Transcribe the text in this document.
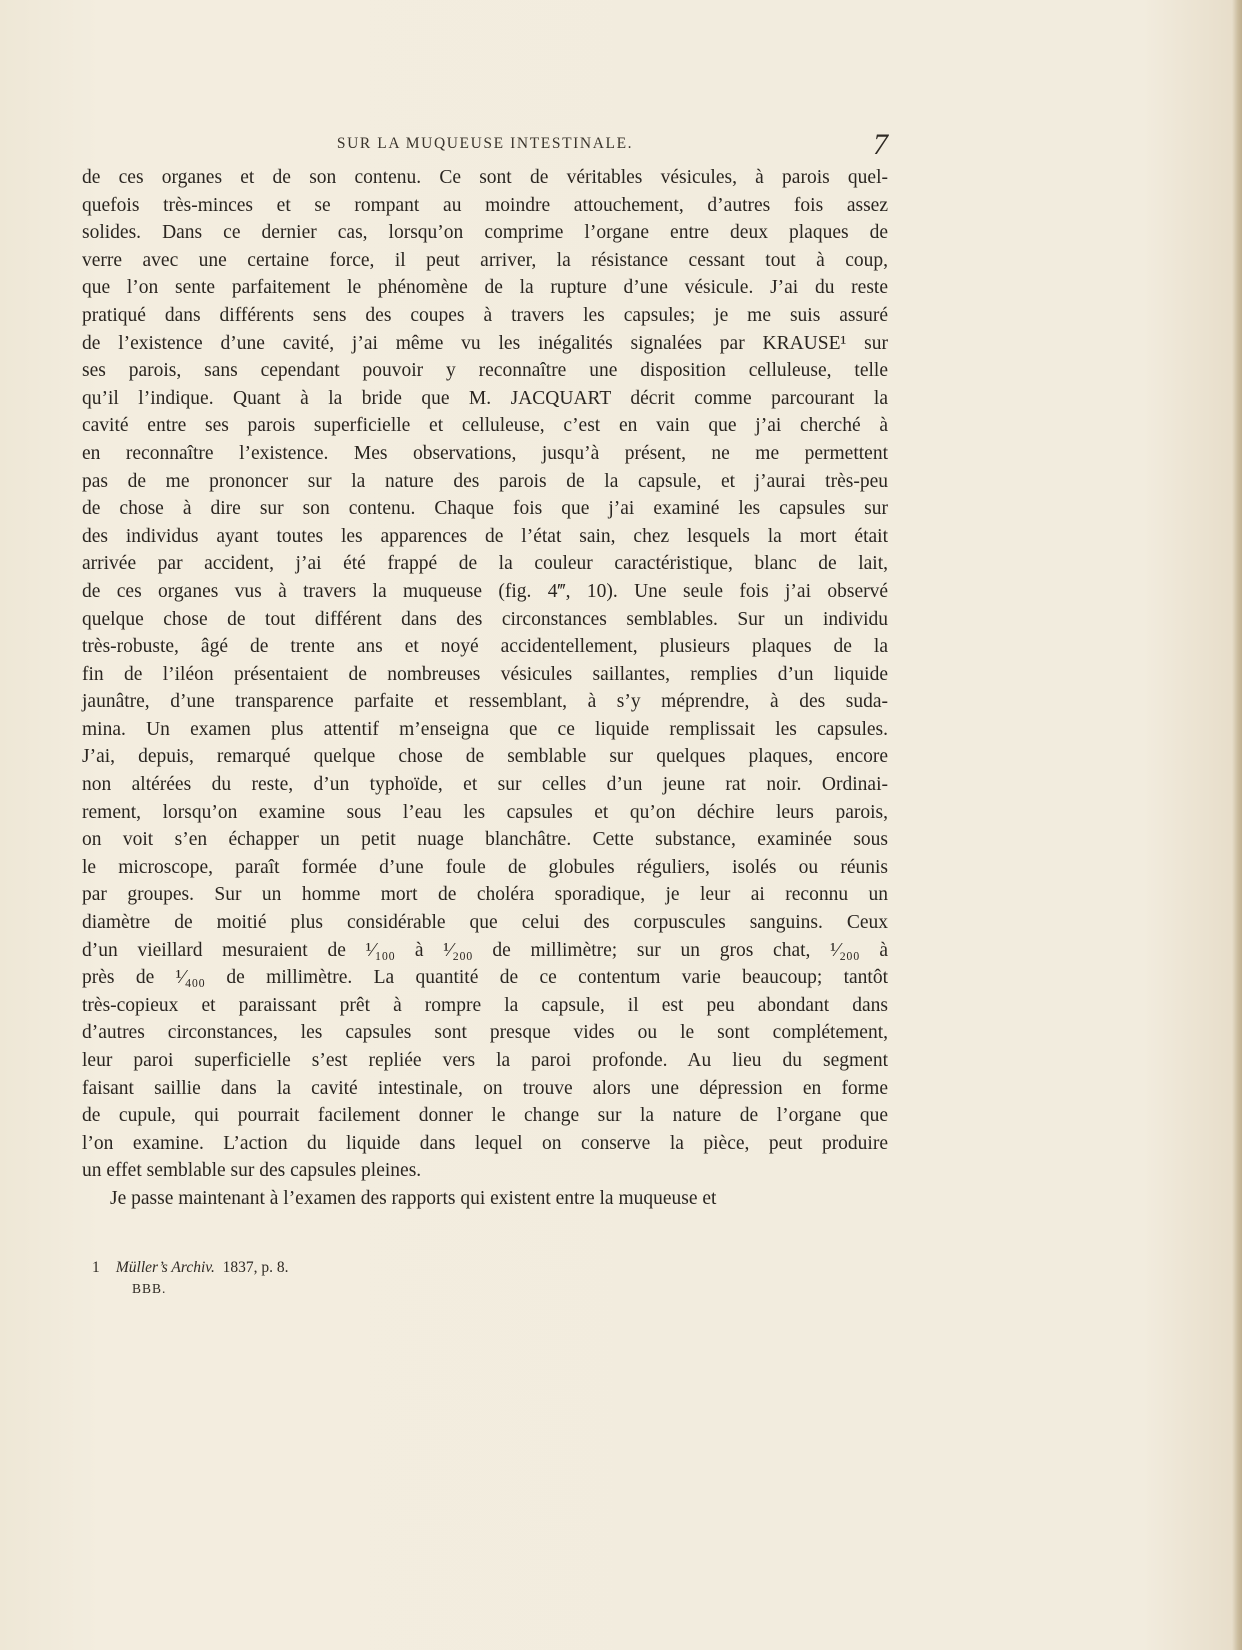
SUR LA MUQUEUSE INTESTINALE.	7
de ces organes et de son contenu. Ce sont de véritables vésicules, à parois quel-
quefois très-minces et se rompant au moindre attouchement, d’autres fois assez
solides. Dans ce dernier cas, lorsqu’on comprime l’organe entre deux plaques de
verre avec une certaine force, il peut arriver, la résistance cessant tout à coup,
que l’on sente parfaitement le phénomène de la rupture d’une vésicule. J’ai du reste
pratiqué dans différents sens des coupes à travers les capsules; je me suis assuré
de l’existence d’une cavité, j’ai même vu les inégalités signalées par KRAUSE¹ sur
ses parois, sans cependant pouvoir y reconnaître une disposition celluleuse, telle
qu’il l’indique. Quant à la bride que M. JACQUART décrit comme parcourant la
cavité entre ses parois superficielle et celluleuse, c’est en vain que j’ai cherché à
en reconnaître l’existence. Mes observations, jusqu’à présent, ne me permettent
pas de me prononcer sur la nature des parois de la capsule, et j’aurai très-peu
de chose à dire sur son contenu. Chaque fois que j’ai examiné les capsules sur
des individus ayant toutes les apparences de l’état sain, chez lesquels la mort était
arrivée par accident, j’ai été frappé de la couleur caractéristique, blanc de lait,
de ces organes vus à travers la muqueuse (fig. 4‴, 10). Une seule fois j’ai observé
quelque chose de tout différent dans des circonstances semblables. Sur un individu
très-robuste, âgé de trente ans et noyé accidentellement, plusieurs plaques de la
fin de l’iléon présentaient de nombreuses vésicules saillantes, remplies d’un liquide
jaunâtre, d’une transparence parfaite et ressemblant, à s’y méprendre, à des suda-
mina. Un examen plus attentif m’enseigna que ce liquide remplissait les capsules.
J’ai, depuis, remarqué quelque chose de semblable sur quelques plaques, encore
non altérées du reste, d’un typhoïde, et sur celles d’un jeune rat noir. Ordinai-
rement, lorsqu’on examine sous l’eau les capsules et qu’on déchire leurs parois,
on voit s’en échapper un petit nuage blanchâtre. Cette substance, examinée sous
le microscope, paraît formée d’une foule de globules réguliers, isolés ou réunis
par groupes. Sur un homme mort de choléra sporadique, je leur ai reconnu un
diamètre de moitié plus considérable que celui des corpuscules sanguins. Ceux
d’un vieillard mesuraient de ¹⁄₁₀₀ à ¹⁄₂₀₀ de millimètre; sur un gros chat, ¹⁄₂₀₀ à
près de ¹⁄₄₀₀ de millimètre. La quantité de ce contentum varie beaucoup; tantôt
très-copieux et paraissant prêt à rompre la capsule, il est peu abondant dans
d’autres circonstances, les capsules sont presque vides ou le sont complétement,
leur paroi superficielle s’est repliée vers la paroi profonde. Au lieu du segment
faisant saillie dans la cavité intestinale, on trouve alors une dépression en forme
de cupule, qui pourrait facilement donner le change sur la nature de l’organe que
l’on examine. L’action du liquide dans lequel on conserve la pièce, peut produire
un effet semblable sur des capsules pleines.
Je passe maintenant à l’examen des rapports qui existent entre la muqueuse et
1 Müller’s Archiv. 1837, p. 8.
BBB.
